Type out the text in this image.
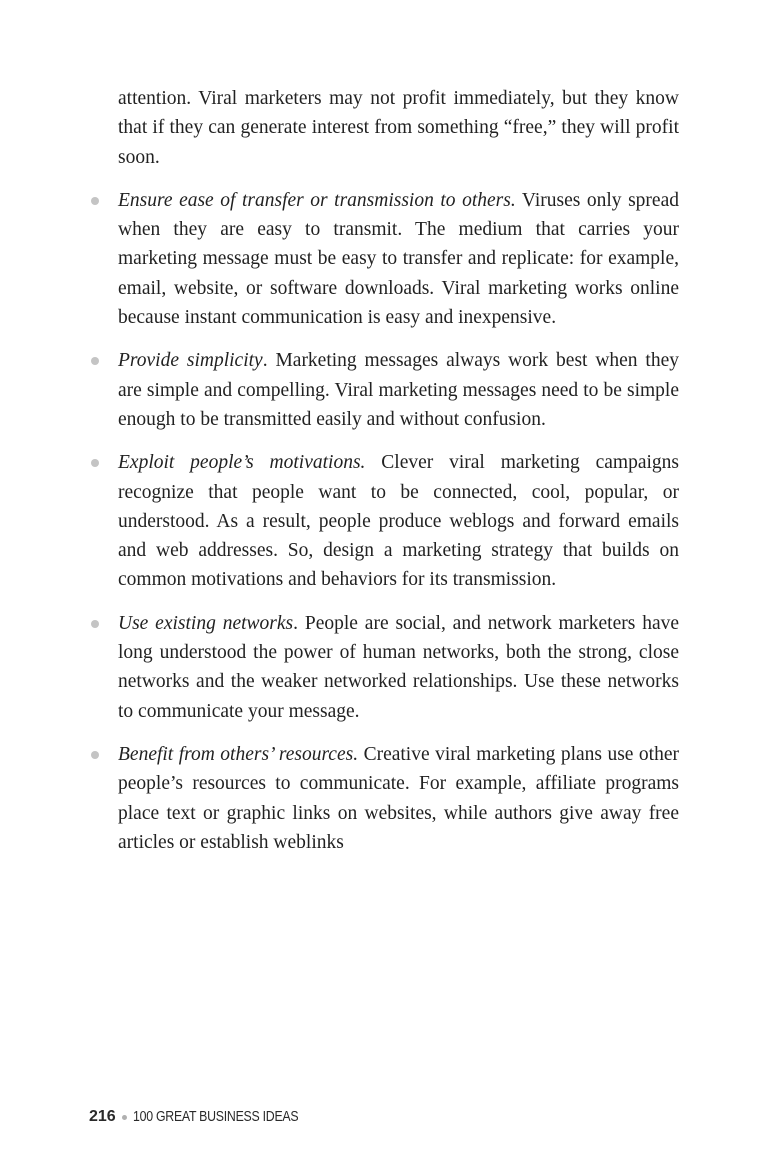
attention. Viral marketers may not profit immediately, but they know that if they can generate interest from something “free,” they will profit soon.

Ensure ease of transfer or transmission to others. Viruses only spread when they are easy to transmit. The medium that carries your marketing message must be easy to transfer and replicate: for example, email, website, or software downloads. Viral marketing works online because instant communication is easy and inexpensive.
Provide simplicity. Marketing messages always work best when they are simple and compelling. Viral marketing messages need to be simple enough to be transmitted easily and without confusion.
Exploit people’s motivations. Clever viral marketing campaigns recognize that people want to be connected, cool, popular, or understood. As a result, people produce weblogs and forward emails and web addresses. So, design a marketing strategy that builds on common motivations and behaviors for its transmission.
Use existing networks. People are social, and network marketers have long understood the power of human networks, both the strong, close networks and the weaker networked relationships. Use these networks to communicate your message.
Benefit from others’ resources. Creative viral marketing plans use other people’s resources to communicate. For example, affiliate programs place text or graphic links on websites, while authors give away free articles or establish weblinks
216 100 GREAT BUSINESS IDEAS
